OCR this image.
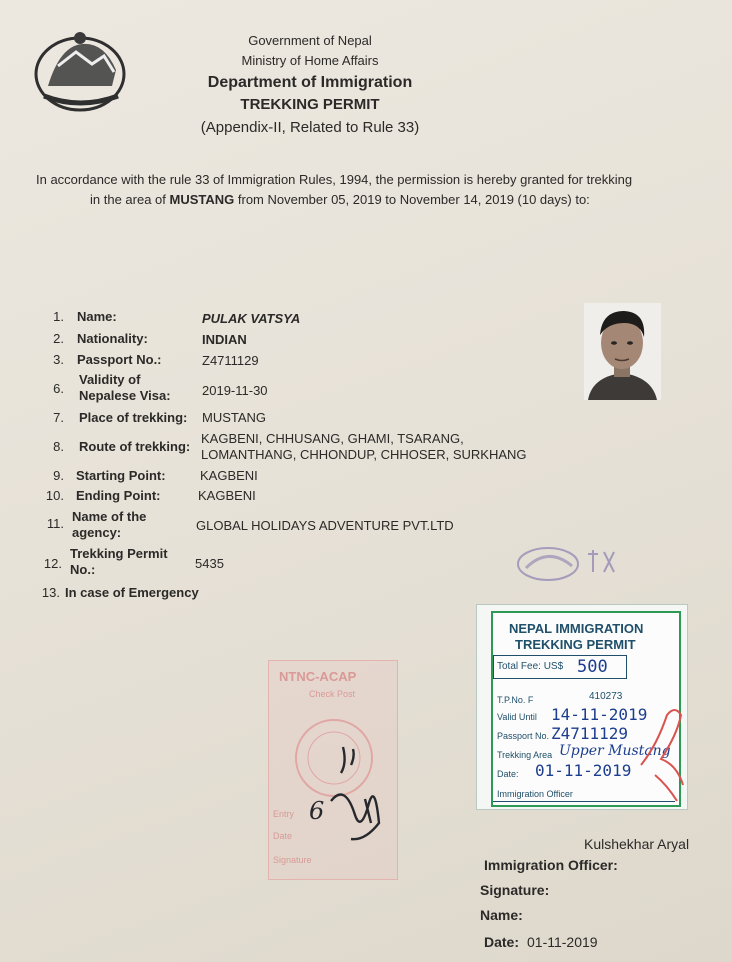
Government of Nepal
Ministry of Home Affairs
Department of Immigration
TREKKING PERMIT
(Appendix-II, Related to Rule 33)
In accordance with the rule 33 of Immigration Rules, 1994, the permission is hereby granted for trekking
in the area of MUSTANG from November 05, 2019 to November 14, 2019 (10 days) to:
1. Name:	PULAK VATSYA
2. Nationality:	INDIAN
3. Passport No.:	Z4711129
6.
Validity of
Nepalese Visa: 2019-11-30
7. Place of trekking: MUSTANG
8. Route of trekking:
KAGBENI, CHHUSANG, GHAMI, TSARANG,
LOMANTHANG, CHHONDUP, CHHOSER, SURKHANG
9. Starting Point:	KAGBENI
10. Ending Point:	KAGBENI
11. Name of the
agency:	GLOBAL HOLIDAYS ADVENTURE PVT.LTD
12.
Trekking Permit
No.:	5435
13. In case of Emergency
NTNC-ACAP
Check Post
Entry
Date
Signature
6
NEPAL IMMIGRATION
TREKKING PERMIT
Total Fee: US$ 500
T.P.No. F	410273
Valid Until 14-11-2019
Passport No. Z4711129
Trekking Area Upper Mustang
Date: 01-11-2019
Immigration Officer
Kulshekhar Aryal
Immigration Officer:
Signature:
Name:
Date: 01-11-2019
